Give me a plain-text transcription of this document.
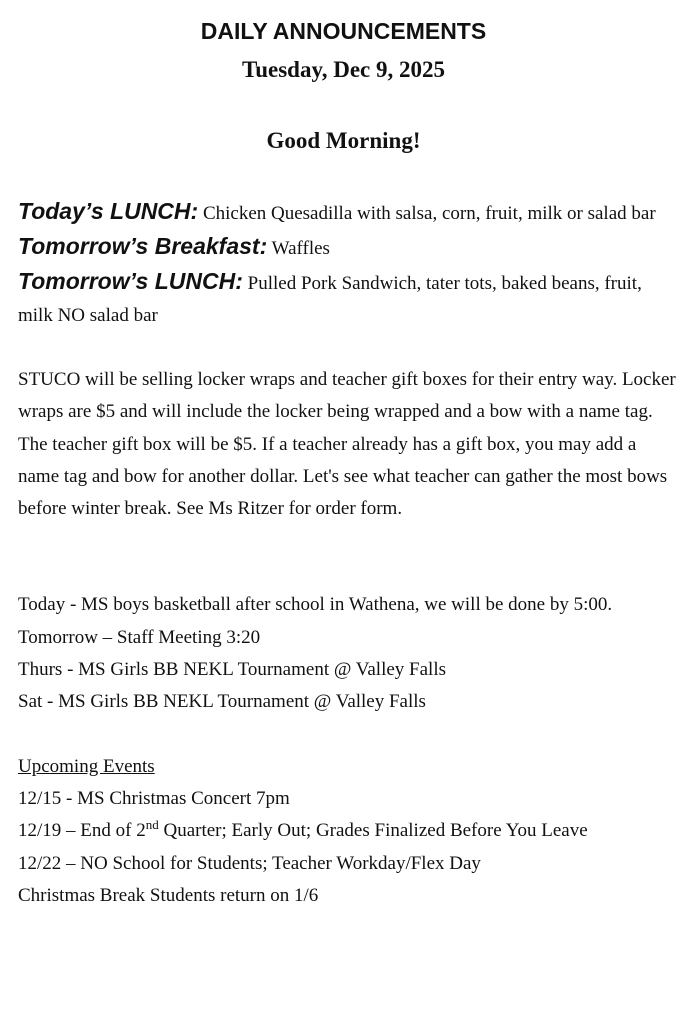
DAILY ANNOUNCEMENTS
Tuesday, Dec 9, 2025
Good Morning!
Today’s LUNCH: Chicken Quesadilla with salsa, corn, fruit, milk or salad bar
Tomorrow’s Breakfast: Waffles
Tomorrow’s LUNCH: Pulled Pork Sandwich, tater tots, baked beans, fruit, milk NO salad bar

STUCO will be selling locker wraps and teacher gift boxes for their entry way. Locker wraps are $5 and will include the locker being wrapped and a bow with a name tag. The teacher gift box will be $5. If a teacher already has a gift box, you may add a name tag and bow for another dollar. Let's see what teacher can gather the most bows before winter break. See Ms Ritzer for order form.

Today - MS boys basketball after school in Wathena, we will be done by 5:00.
Tomorrow – Staff Meeting 3:20
Thurs - MS Girls BB NEKL Tournament @ Valley Falls
Sat - MS Girls BB NEKL Tournament @ Valley Falls
Upcoming Events
12/15 - MS Christmas Concert 7pm
12/19 – End of 2nd Quarter; Early Out; Grades Finalized Before You Leave
12/22 – NO School for Students; Teacher Workday/Flex Day
Christmas Break Students return on 1/6
